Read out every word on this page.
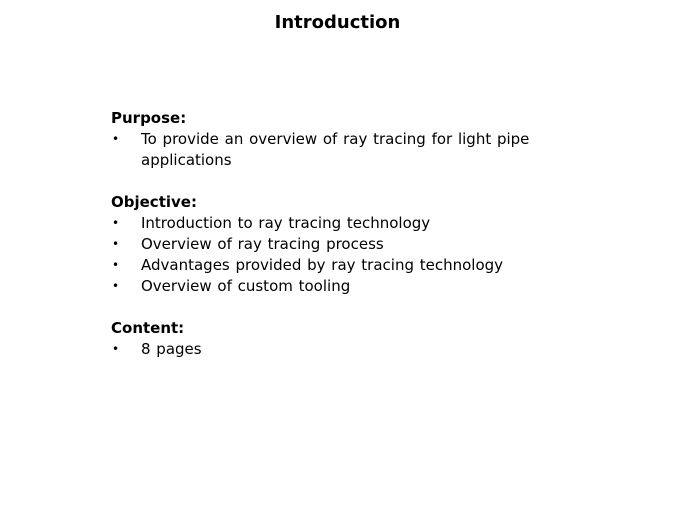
Introduction
Purpose:
• To provide an overview of ray tracing for light pipe applications
Objective:
• Introduction to ray tracing technology
• Overview of ray tracing process
• Advantages provided by ray tracing technology
• Overview of custom tooling
Content:
• 8 pages
